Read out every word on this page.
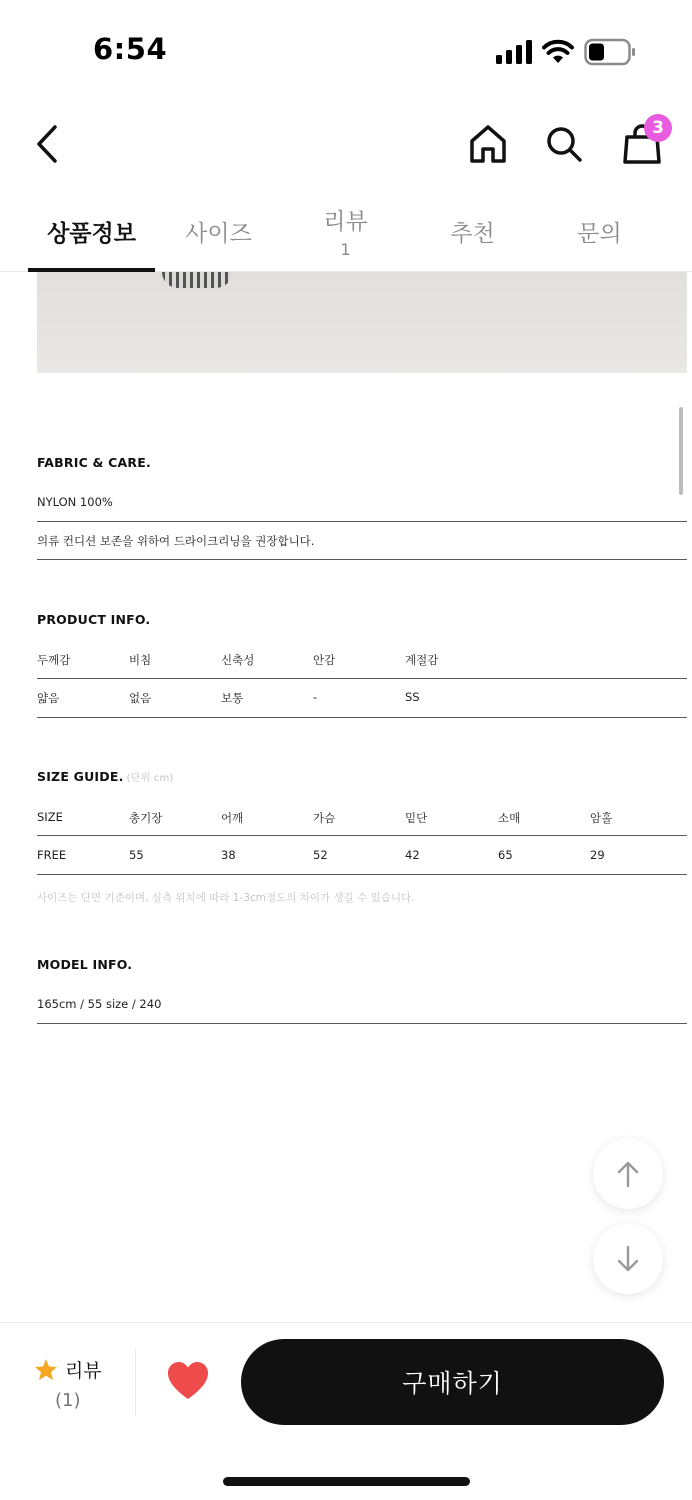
6:54
3
상품정보 사이즈	리뷰
1
추천	문의
FABRIC & CARE.
NYLON 100%
의류 컨디션 보존을 위하여 드라이크리닝을 권장합니다.
PRODUCT INFO.
두께감	비침	신축성	안감	계절감
얇음	없음	보통	-	SS
SIZE GUIDE. (단위 cm)
SIZE	총기장	어깨	가슴	밑단	소매	암홀
FREE	55	38	52	42	65	29
사이즈는 단면 기준이며, 실측 위치에 따라 1-3cm정도의 차이가 생길 수 있습니다.
MODEL INFO.
165cm / 55 size / 240
리뷰
(1)
구매하기
